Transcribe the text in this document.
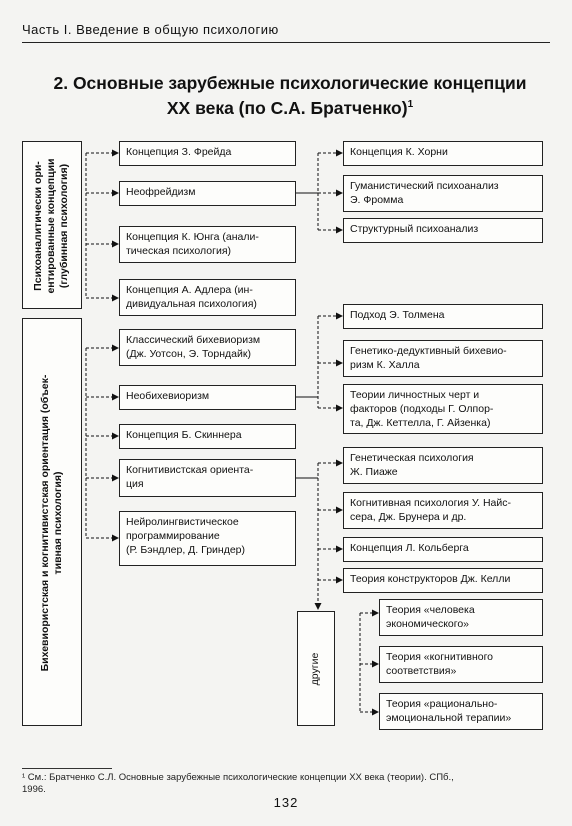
Часть I. Введение в общую психологию
2. Основные зарубежные психологические концепции
XX века (по С.А. Братченко)$^1$
Психоаналитически ори- ентированные концепции (глубинная психология)
Бихевиористская и когнитивистская ориентация (объек- тивная психология)
Концепция З. Фрейда
Неофрейдизм
Концепция К. Юнга (анали-
тическая психология)
Концепция А. Адлера (ин-
дивидуальная психология)
Классический бихевиоризм
(Дж. Уотсон, Э. Торндайк)
Необихевиоризм
Концепция Б. Скиннера
Когнитивистская ориента-
ция
Нейролингвистическое
программирование
(Р. Бэндлер, Д. Гриндер)
Концепция К. Хорни
Гуманистический психоанализ
Э. Фромма
Структурный психоанализ
Подход Э. Толмена
Генетико-дедуктивный бихевио-
ризм К. Халла
Теории личностных черт и
факторов (подходы Г. Олпор-
та, Дж. Кеттелла, Г. Айзенка)
Генетическая психология
Ж. Пиаже
Когнитивная психология У. Найс-
сера, Дж. Брунера и др.
Концепция Л. Кольберга
Теория конструкторов Дж. Келли
другие
Теория «человека
экономического»
Теория «когнитивного
соответствия»
Теория «рационально-
эмоциональной терапии»
¹ См.: Братченко С.Л. Основные зарубежные психологические концепции XX века (теории). СПб.,
1996.
132
